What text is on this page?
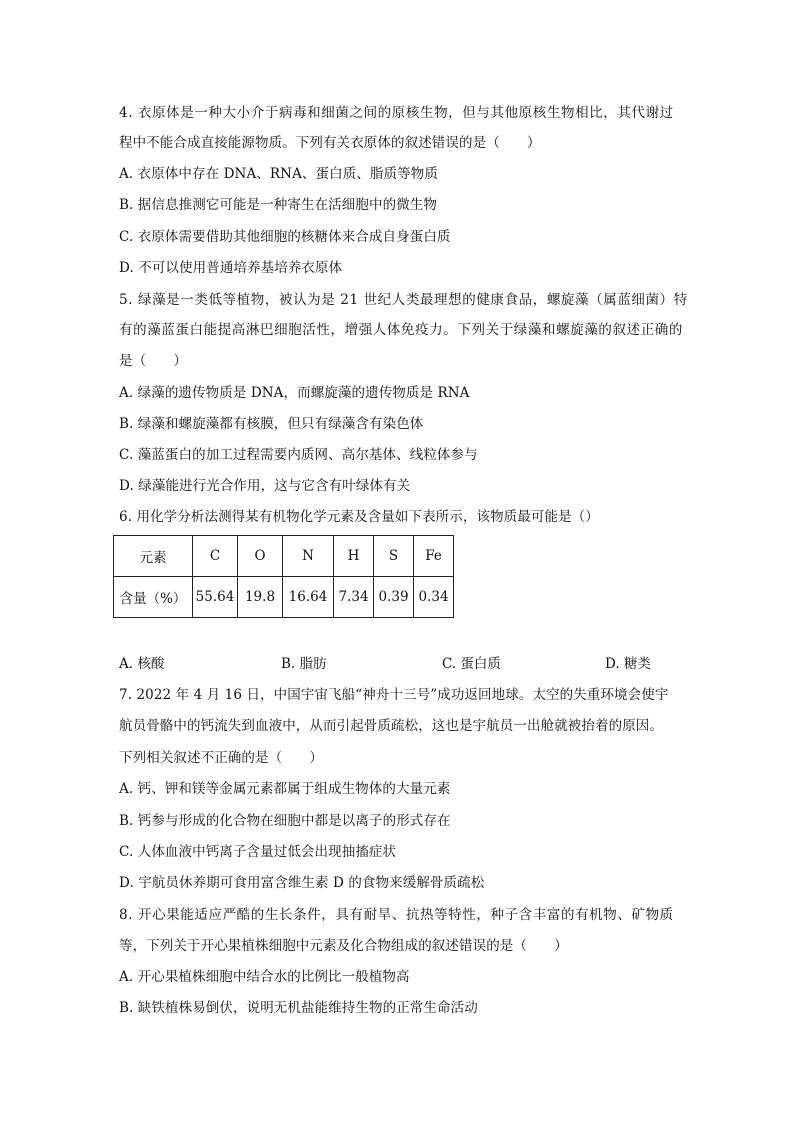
4. 衣原体是一种大小介于病毒和细菌之间的原核生物，但与其他原核生物相比，其代谢过
程中不能合成直接能源物质。下列有关衣原体的叙述错误的是（　　）
A. 衣原体中存在 DNA、RNA、蛋白质、脂质等物质
B. 据信息推测它可能是一种寄生在活细胞中的微生物
C. 衣原体需要借助其他细胞的核糖体来合成自身蛋白质
D. 不可以使用普通培养基培养衣原体
5. 绿藻是一类低等植物，被认为是 21 世纪人类最理想的健康食品，螺旋藻（属蓝细菌）特
有的藻蓝蛋白能提高淋巴细胞活性，增强人体免疫力。下列关于绿藻和螺旋藻的叙述正确的
是（　　）
A. 绿藻的遗传物质是 DNA，而螺旋藻的遗传物质是 RNA
B. 绿藻和螺旋藻都有核膜，但只有绿藻含有染色体
C. 藻蓝蛋白的加工过程需要内质网、高尔基体、线粒体参与
D. 绿藻能进行光合作用，这与它含有叶绿体有关
6. 用化学分析法测得某有机物化学元素及含量如下表所示，该物质最可能是（）
元素	C	O	N	H	S	Fe
含量（%）	55.64	19.8	16.64	7.34	0.39	0.34
A. 核酸	B. 脂肪	C. 蛋白质	D. 糖类
7. 2022 年 4 月 16 日，中国宇宙飞船“神舟十三号”成功返回地球。太空的失重环境会使宇
航员骨骼中的钙流失到血液中，从而引起骨质疏松，这也是宇航员一出舱就被抬着的原因。
下列相关叙述不正确的是（　　）
A. 钙、钾和镁等金属元素都属于组成生物体的大量元素
B. 钙参与形成的化合物在细胞中都是以离子的形式存在
C. 人体血液中钙离子含量过低会出现抽搐症状
D. 宇航员休养期可食用富含维生素 D 的食物来缓解骨质疏松
8. 开心果能适应严酷的生长条件，具有耐旱、抗热等特性，种子含丰富的有机物、矿物质
等，下列关于开心果植株细胞中元素及化合物组成的叙述错误的是（　　）
A. 开心果植株细胞中结合水的比例比一般植物高
B. 缺铁植株易倒伏，说明无机盐能维持生物的正常生命活动
